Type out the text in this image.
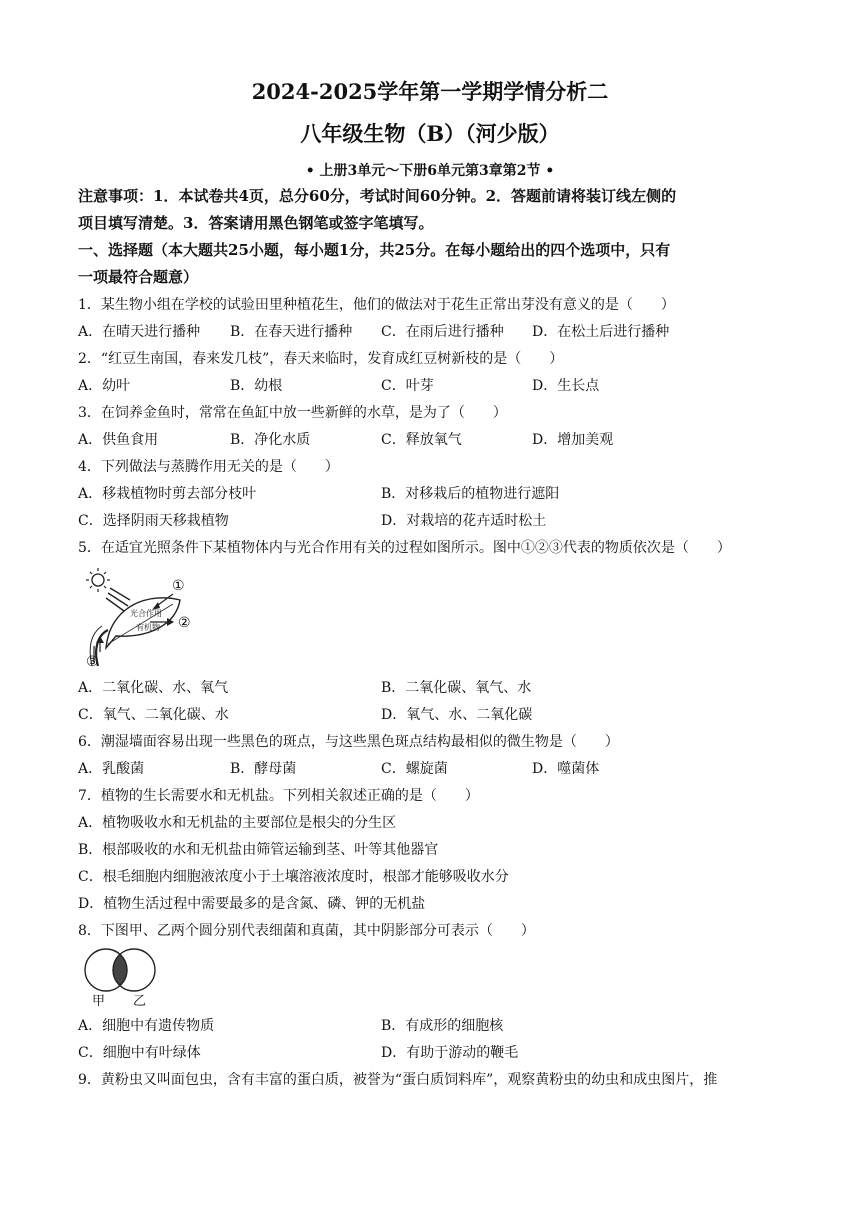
2024-2025学年第一学期学情分析二
八年级生物（B）（河少版）
• 上册3单元～下册6单元第3章第2节 •
注意事项：1．本试卷共4页，总分60分，考试时间60分钟。2．答题前请将装订线左侧的
项目填写清楚。3．答案请用黑色钢笔或签字笔填写。
一、选择题（本大题共25小题，每小题1分，共25分。在每小题给出的四个选项中，只有
一项最符合题意）
1．某生物小组在学校的试验田里种植花生，他们的做法对于花生正常出芽没有意义的是（　　）
A．在晴天进行播种 B．在春天进行播种 C．在雨后进行播种 D．在松土后进行播种
2．“红豆生南国，春来发几枝”，春天来临时，发育成红豆树新枝的是（　　）
A．幼叶	B．幼根	C．叶芽	D．生长点
3．在饲养金鱼时，常常在鱼缸中放一些新鲜的水草，是为了（　　）
A．供鱼食用	B．净化水质	C．释放氧气	D．增加美观
4．下列做法与蒸腾作用无关的是（　　）
A．移栽植物时剪去部分枝叶	B．对移栽后的植物进行遮阳
C．选择阴雨天移栽植物	D．对栽培的花卉适时松土
5．在适宜光照条件下某植物体内与光合作用有关的过程如图所示。图中①②③代表的物质依次是（　　）
光合作用
有机物
①
②
③
A．二氧化碳、水、氧气	B．二氧化碳、氧气、水
C．氧气、二氧化碳、水	D．氧气、水、二氧化碳
6．潮湿墙面容易出现一些黑色的斑点，与这些黑色斑点结构最相似的微生物是（　　）
A．乳酸菌	B．酵母菌	C．螺旋菌	D．噬菌体
7．植物的生长需要水和无机盐。下列相关叙述正确的是（　　）
A．植物吸收水和无机盐的主要部位是根尖的分生区
B．根部吸收的水和无机盐由筛管运输到茎、叶等其他器官
C．根毛细胞内细胞液浓度小于土壤溶液浓度时，根部才能够吸收水分
D．植物生活过程中需要最多的是含氮、磷、钾的无机盐
8．下图甲、乙两个圆分别代表细菌和真菌，其中阴影部分可表示（　　）
甲 乙
A．细胞中有遗传物质	B．有成形的细胞核
C．细胞中有叶绿体	D．有助于游动的鞭毛
9．黄粉虫又叫面包虫，含有丰富的蛋白质，被誉为“蛋白质饲料库”，观察黄粉虫的幼虫和成虫图片，推
